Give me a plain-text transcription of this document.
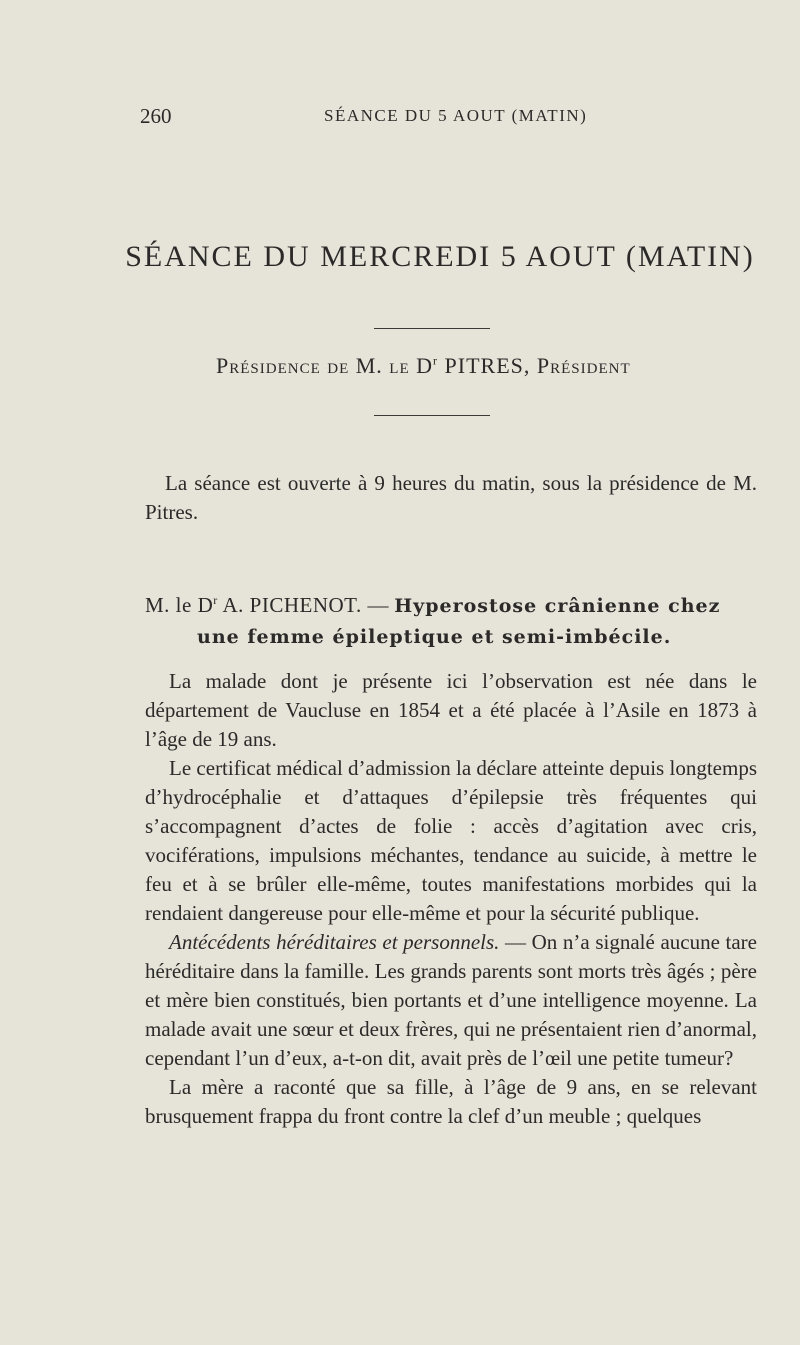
260	SÉANCE DU 5 AOUT (MATIN)
SÉANCE DU MERCREDI 5 AOUT (MATIN)
Présidence de M. le $D^r$ PITRES, Président
La séance est ouverte à 9 heures du matin, sous la présidence de M. Pitres.
M. le $D^r$ A. PICHENOT. — Hyperostose crânienne chez
une femme épileptique et semi-imbécile.

La malade dont je présente ici l’observation est née dans le département de Vaucluse en 1854 et a été placée à l’Asile en 1873 à l’âge de 19 ans.

Le certificat médical d’admission la déclare atteinte depuis longtemps d’hydrocéphalie et d’attaques d’épilepsie très fréquentes qui s’accompagnent d’actes de folie : accès d’agitation avec cris, vociférations, impulsions méchantes, tendance au suicide, à mettre le feu et à se brûler elle-même, toutes manifestations morbides qui la rendaient dangereuse pour elle-même et pour la sécurité publique.

Antécédents héréditaires et personnels. — On n’a signalé aucune tare héréditaire dans la famille. Les grands parents sont morts très âgés ; père et mère bien constitués, bien portants et d’une intelligence moyenne. La malade avait une sœur et deux frères, qui ne présentaient rien d’anormal, cependant l’un d’eux, a-t-on dit, avait près de l’œil une petite tumeur?

La mère a raconté que sa fille, à l’âge de 9 ans, en se relevant brusquement frappa du front contre la clef d’un meuble ; quelques
